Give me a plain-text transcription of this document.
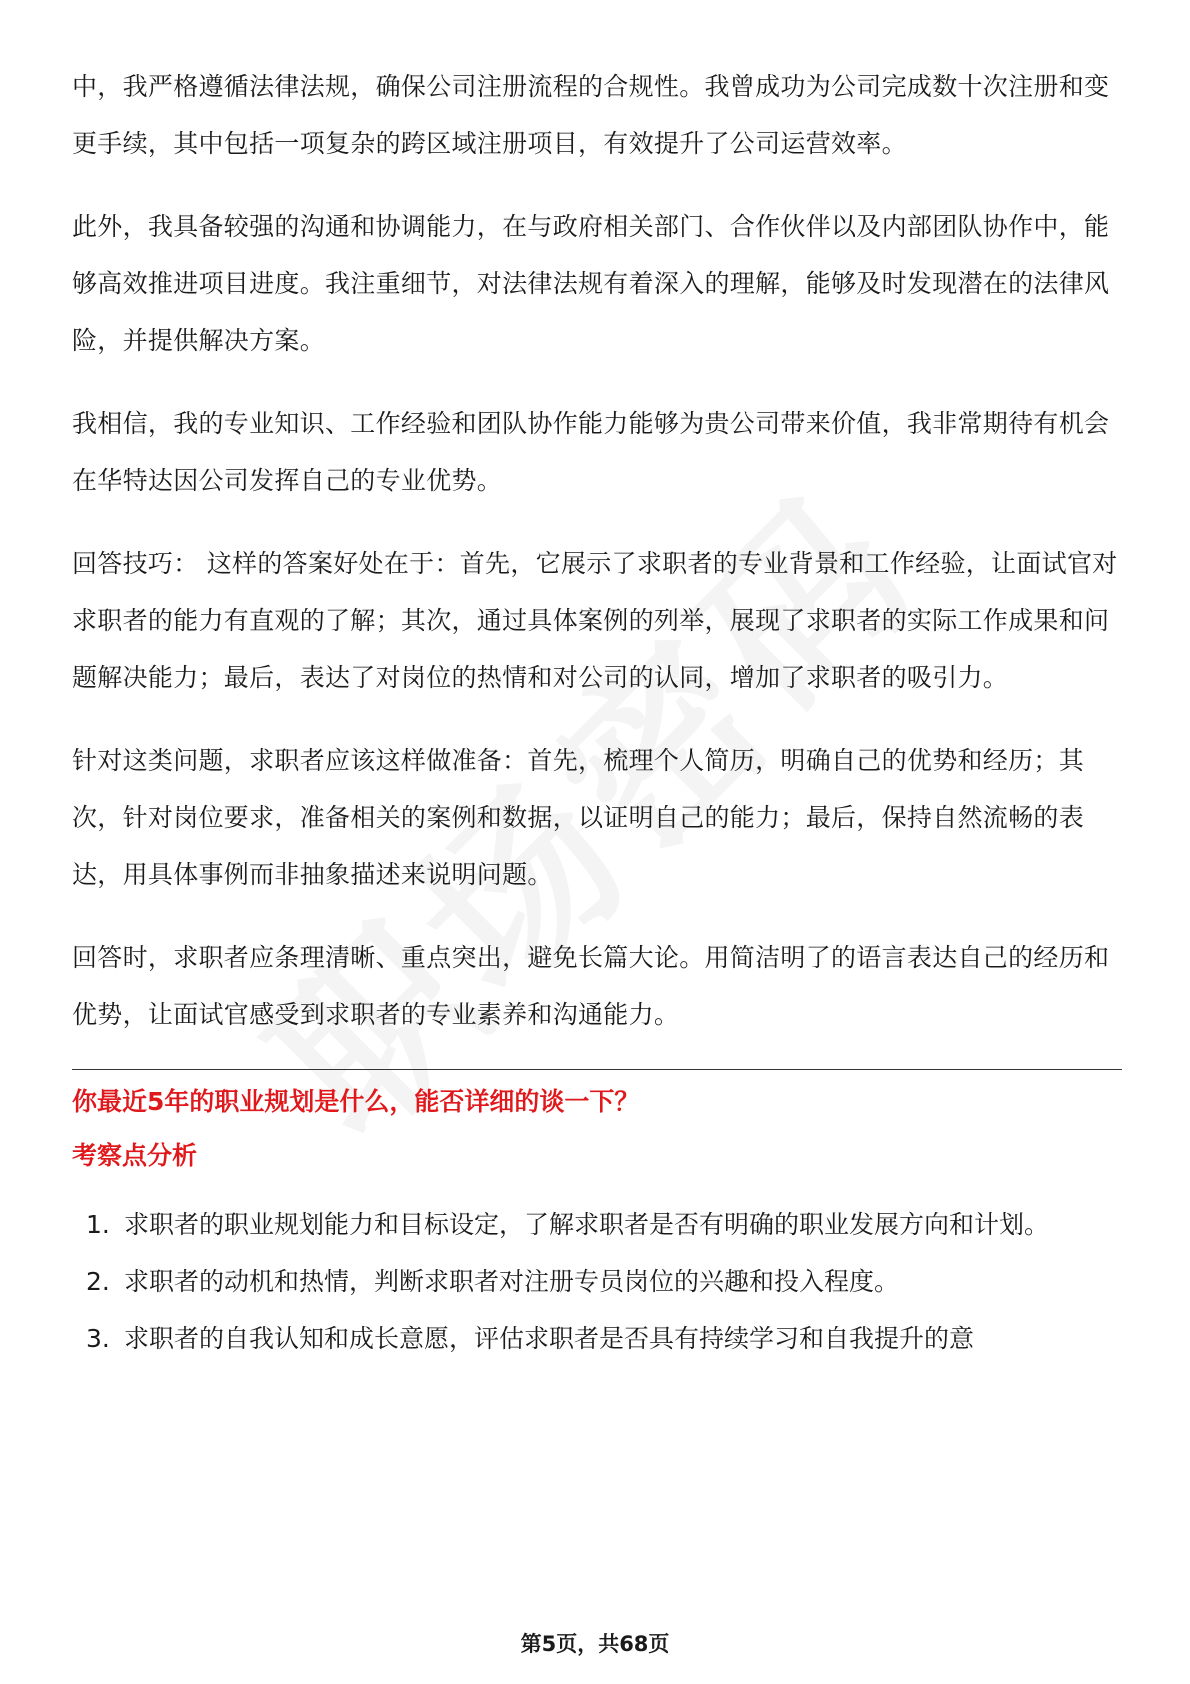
中，我严格遵循法律法规，确保公司注册流程的合规性。我曾成功为公司完成数十次注册和变更手续，其中包括一项复杂的跨区域注册项目，有效提升了公司运营效率。

此外，我具备较强的沟通和协调能力，在与政府相关部门、合作伙伴以及内部团队协作中，能够高效推进项目进度。我注重细节，对法律法规有着深入的理解，能够及时发现潜在的法律风险，并提供解决方案。

我相信，我的专业知识、工作经验和团队协作能力能够为贵公司带来价值，我非常期待有机会在华特达因公司发挥自己的专业优势。

回答技巧： 这样的答案好处在于：首先，它展示了求职者的专业背景和工作经验，让面试官对求职者的能力有直观的了解；其次，通过具体案例的列举，展现了求职者的实际工作成果和问题解决能力；最后，表达了对岗位的热情和对公司的认同，增加了求职者的吸引力。

针对这类问题，求职者应该这样做准备：首先，梳理个人简历，明确自己的优势和经历；其次，针对岗位要求，准备相关的案例和数据，以证明自己的能力；最后，保持自然流畅的表达，用具体事例而非抽象描述来说明问题。

回答时，求职者应条理清晰、重点突出，避免长篇大论。用简洁明了的语言表达自己的经历和优势，让面试官感受到求职者的专业素养和沟通能力。

你最近5年的职业规划是什么，能否详细的谈一下？
考察点分析
1. 求职者的职业规划能力和目标设定，了解求职者是否有明确的职业发展方向和计划。
2. 求职者的动机和热情，判断求职者对注册专员岗位的兴趣和投入程度。
3. 求职者的自我认知和成长意愿，评估求职者是否具有持续学习和自我提升的意
第5页，共68页
